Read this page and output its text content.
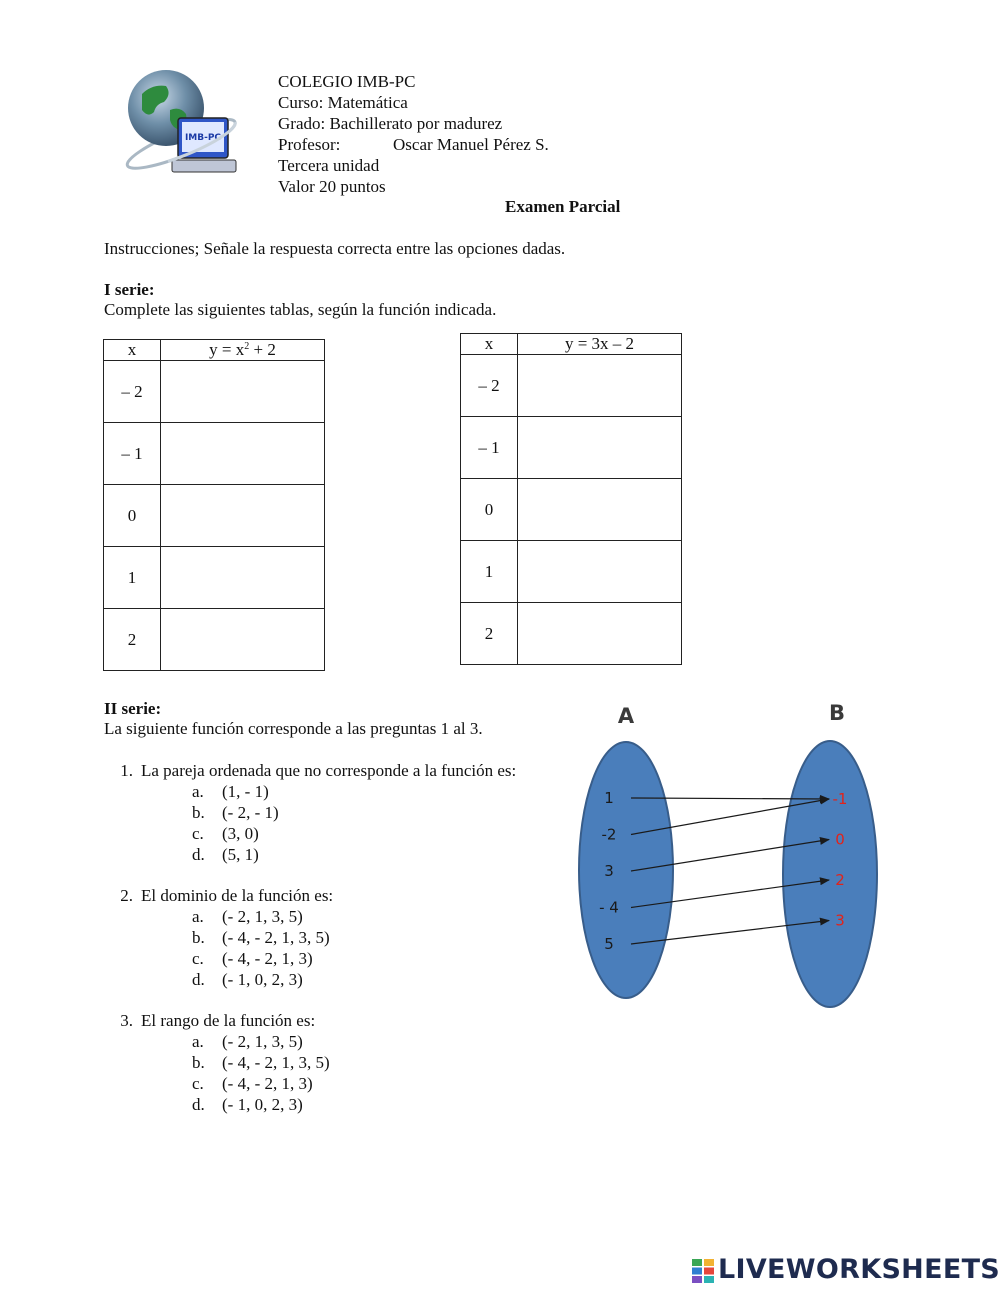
IMB-PC
COLEGIO IMB-PC
Curso: Matemática
Grado: Bachillerato por madurez
Profesor:	Oscar Manuel Pérez S.
Tercera unidad
Valor 20 puntos
Examen Parcial
Instrucciones; Señale la respuesta correcta entre las opciones dadas.
I serie:
Complete las siguientes tablas, según la función indicada.
x	$y = x^2 + 2$
– 2	
– 1	
0	
1	
2	
x	y = 3x – 2
– 2	
– 1	
0	
1	
2	
II serie:
La siguiente función corresponde a las preguntas 1 al 3.
1. La pareja ordenada que no corresponde a la función es:
a. (1, - 1)
b. (- 2, - 1)
c. (3, 0)
d. (5, 1)
2. El dominio de la función es:
a. (- 2, 1, 3, 5)
b. (- 4, - 2, 1, 3, 5)
c. (- 4, - 2, 1, 3)
d. (- 1, 0, 2, 3)
3. El rango de la función es:
a. (- 2, 1, 3, 5)
b. (- 4, - 2, 1, 3, 5)
c. (- 4, - 2, 1, 3)
d. (- 1, 0, 2, 3)
A	B
1
-2
3
- 4
5
-1
0
2
3
LIVEWORKSHEETS
